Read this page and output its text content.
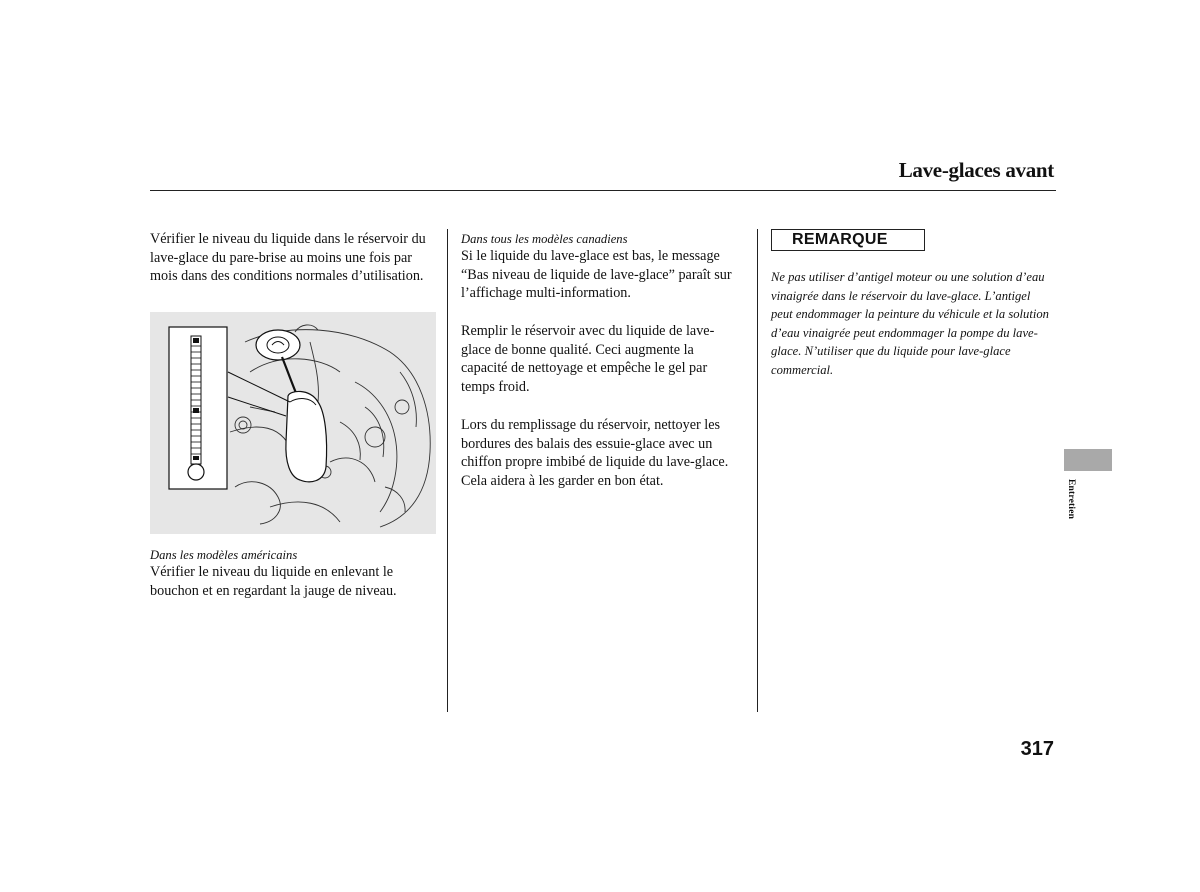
Lave-glaces avant
Vérifier le niveau du liquide dans le réservoir du lave-glace du pare-brise au moins une fois par mois dans des conditions normales d’utilisation.
Dans les modèles américains
Vérifier le niveau du liquide en enlevant le bouchon et en regardant la jauge de niveau.
Dans tous les modèles canadiens
Si le liquide du lave-glace est bas, le message “Bas niveau de liquide de lave-glace” paraît sur l’affichage multi-information.
Remplir le réservoir avec du liquide de lave-glace de bonne qualité. Ceci augmente la capacité de nettoyage et empêche le gel par temps froid.
Lors du remplissage du réservoir, nettoyer les bordures des balais des essuie-glace avec un chiffon propre imbibé de liquide du lave-glace. Cela aidera à les garder en bon état.
REMARQUE
Ne pas utiliser d’antigel moteur ou une solution d’eau vinaigrée dans le réservoir du lave-glace. L’antigel peut endommager la peinture du véhicule et la solution d’eau vinaigrée peut endommager la pompe du lave-glace. N’utiliser que du liquide pour lave-glace commercial.
Entretien
317
